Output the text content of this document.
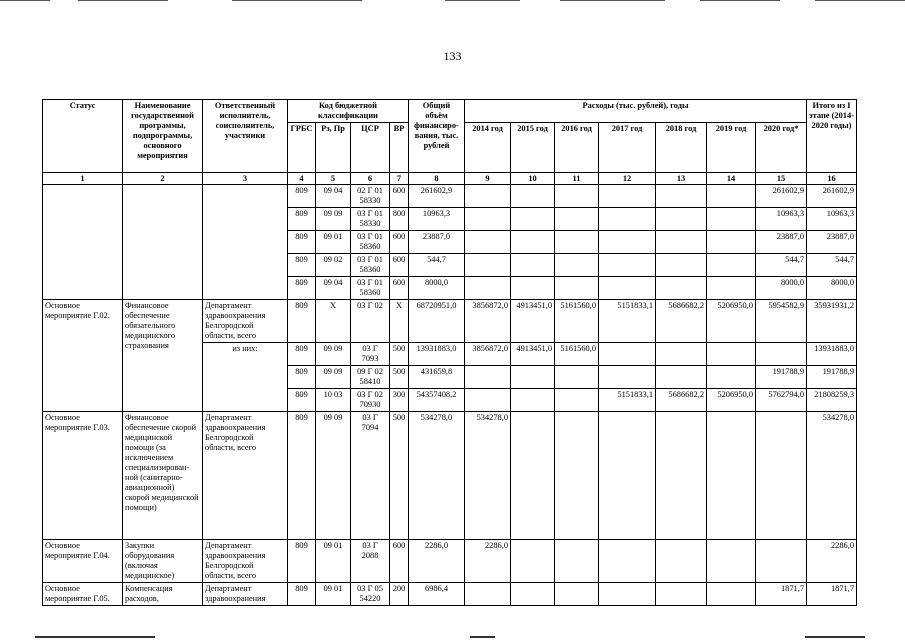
133
Статус	Наименование государственной программы, подпрограммы, основного мероприятия	Ответственный исполнитель, соисполнитель, участники	Код бюджетной классификации				Общий объём финансиро-вания, тыс. рублей	Расходы (тыс. рублей), годы							Итого из I этапе (2014-2020 годы)
			ГРБС	Рз, Пр	ЦСР	ВР		2014 год	2015 год	2016 год	2017 год	2018 год	2019 год	2020 год*	
1	2	3	4	5	6	7	8	9	10	11	12	13	14	15	16
			809	09 04	02 Г 01 58330	600	261602,9							261602,9	261602,9
			809	09 09	03 Г 01 58330	800	10963,3							10963,3	10963,3
			809	09 01	03 Г 01 58360	600	23887,0							23887,0	23887,0
			809	09 02	03 Г 01 58360	600	544,7							544,7	544,7
			809	09 04	03 Г 01 58360	600	8000,0							8000,0	8000,0
Основное мероприятие Г.02.	Финансовое обеспечение обязательного медицинского страхования	Департамент здравоохранения Белгородской области, всего	809	Х	03 Г 02	Х	68720951,0	3856872,0	4913451,0	5161560,0	5151833,1	5686682,2	5206950,0	5954582,9	35931931,2
		из них:	809	09 09	03 Г 7093	500	13931883,0	3856872,0	4913451,0	5161560,0					13931883,0
			809	09 09	09 Г 02 58410	500	431659,8							191788,9	191788,9
			809	10 03	03 Г 02 70930	300	54357408,2				5151833,1	5686682,2	5206950,0	5762794,0	21808259,3
Основное мероприятие Г.03.	Финансовое обеспечение скорой медицинской помощи (за исключением специализирован-ной (санитарно-авиационной) скорой медицинской помощи)	Департамент здравоохранения Белгородской области, всего	809	09 09	03 Г 7094	500	534278,0	534278,0							534278,0
Основное мероприятие Г.04.	Закупки оборудования (включая медицинское)	Департамент здравоохранения Белгородской области, всего	809	09 01	03 Г 2088	600	2286,0	2286,0							2286,0
Основное мероприятие Г.05.	Компенсация расходов,	Департамент здравоохранения	809	09 01	03 Г 05 54220	200	6986,4							1871,7	1871,7
